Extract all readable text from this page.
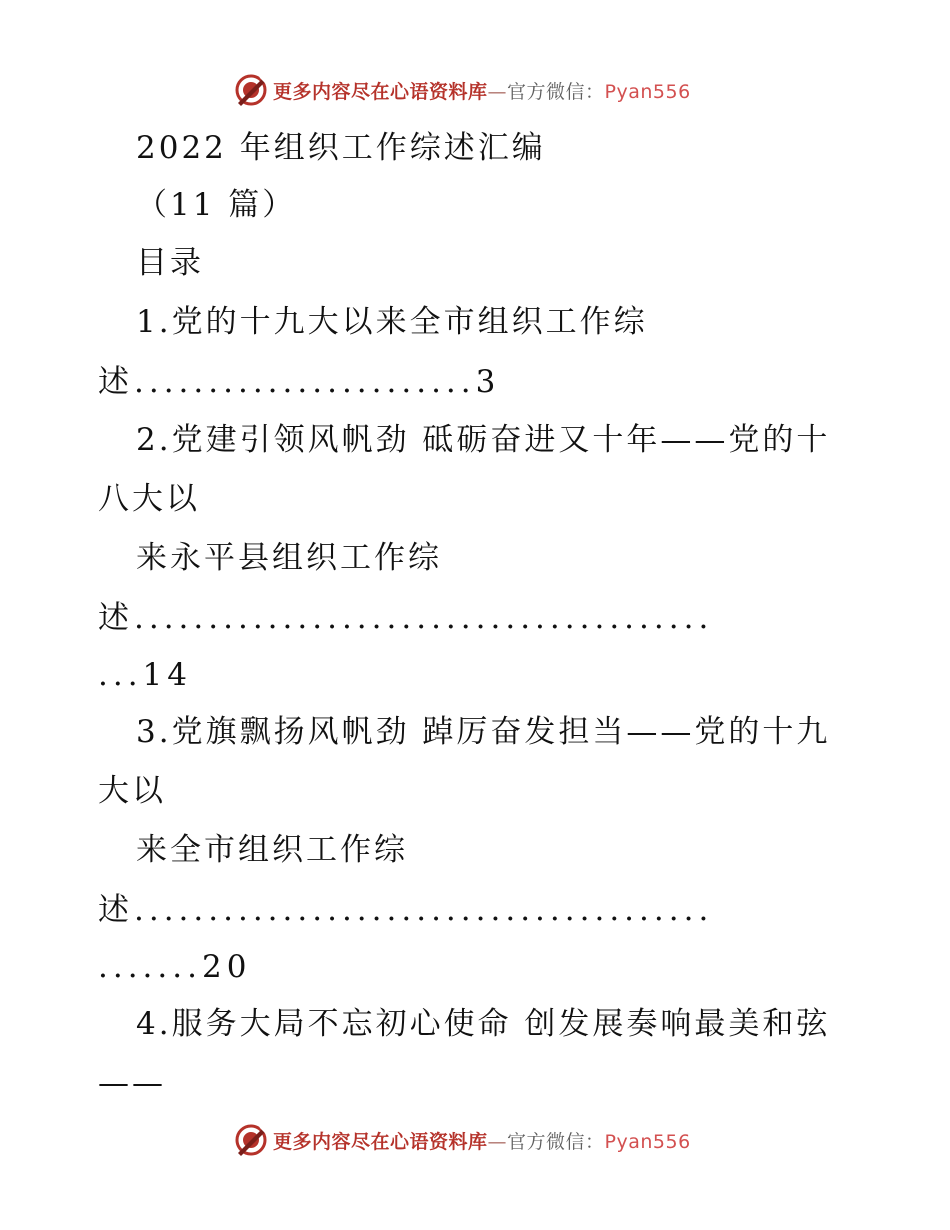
更多内容尽在心语资料库—官方微信：Pyan556
2022 年组织工作综述汇编
（11 篇）
目录
1.党的十九大以来全市组织工作综
述.......................3
2.党建引领风帆劲 砥砺奋进又十年——党的十
八大以
来永平县组织工作综
述.......................................
...14
3.党旗飘扬风帆劲 踔厉奋发担当——党的十九
大以
来全市组织工作综
述.......................................
.......20
4.服务大局不忘初心使命 创发展奏响最美和弦
——
更多内容尽在心语资料库—官方微信：Pyan556
